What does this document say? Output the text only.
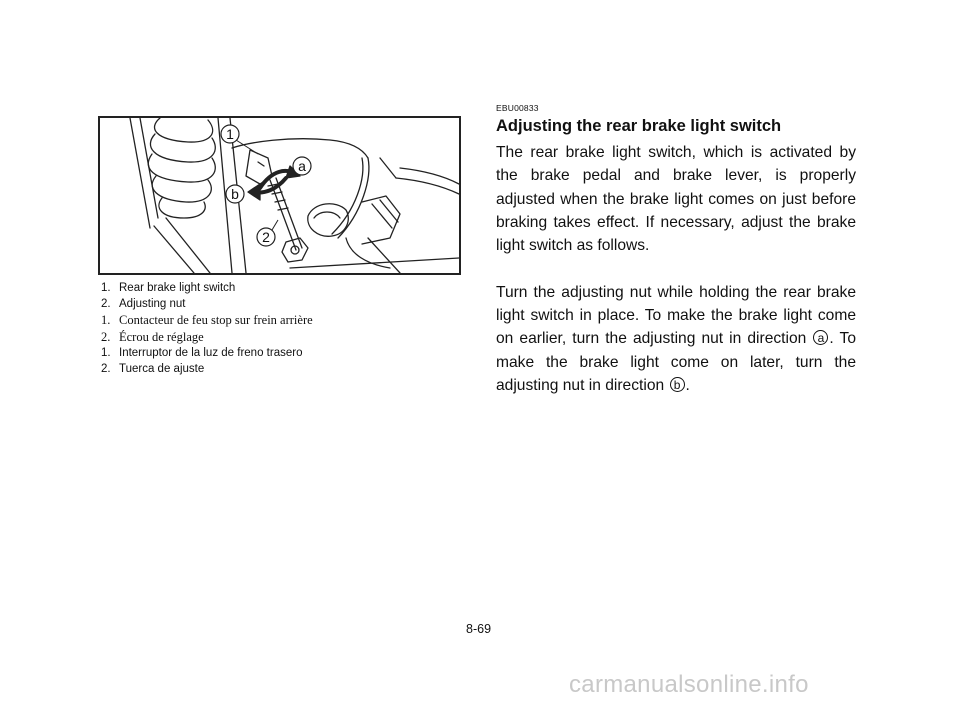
1
2
a
b
1. Rear brake light switch
2. Adjusting nut
1. Contacteur de feu stop sur frein arrière
2. Écrou de réglage
1. Interruptor de la luz de freno trasero
2. Tuerca de ajuste
EBU00833
Adjusting the rear brake light switch

The rear brake light switch, which is activated by the brake pedal and brake lever, is properly adjusted when the brake light comes on just before braking takes effect. If necessary, adjust the brake light switch as follows.

Turn the adjusting nut while holding the rear brake light switch in place. To make the brake light come on earlier, turn the adjusting nut in direction a . To make the brake light come on later, turn the adjusting nut in direction b .

8-69
carmanualsonline.info
